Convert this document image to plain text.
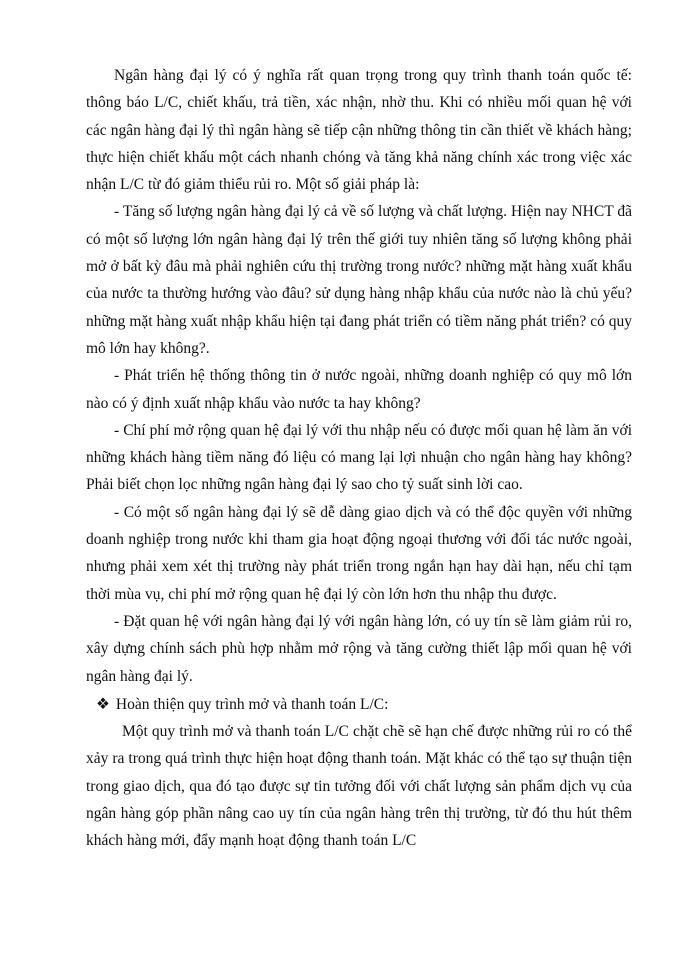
Ngân hàng đại lý có ý nghĩa rất quan trọng trong quy trình thanh toán quốc tế: thông báo L/C, chiết khấu, trả tiền, xác nhận, nhờ thu. Khi có nhiều mối quan hệ với các ngân hàng đại lý thì ngân hàng sẽ tiếp cận những thông tin cần thiết về khách hàng; thực hiện chiết khấu một cách nhanh chóng và tăng khả năng chính xác trong việc xác nhận L/C từ đó giảm thiểu rủi ro. Một số giải pháp là:

- Tăng số lượng ngân hàng đại lý cả về số lượng và chất lượng. Hiện nay NHCT đã có một số lượng lớn ngân hàng đại lý trên thế giới tuy nhiên tăng số lượng không phải mở ở bất kỳ đâu mà phải nghiên cứu thị trường trong nước? những mặt hàng xuất khẩu của nước ta thường hướng vào đâu? sử dụng hàng nhập khẩu của nước nào là chủ yếu? những mặt hàng xuất nhập khẩu hiện tại đang phát triển có tiềm năng phát triển? có quy mô lớn hay không?.

- Phát triển hệ thống thông tin ở nước ngoài, những doanh nghiệp có quy mô lớn nào có ý định xuất nhập khẩu vào nước ta hay không?

- Chí phí mở rộng quan hệ đại lý với thu nhập nếu có được mối quan hệ làm ăn với những khách hàng tiềm năng đó liệu có mang lại lợi nhuận cho ngân hàng hay không? Phải biết chọn lọc những ngân hàng đại lý sao cho tỷ suất sinh lời cao.

- Có một số ngân hàng đại lý sẽ dễ dàng giao dịch và có thể độc quyền với những doanh nghiệp trong nước khi tham gia hoạt động ngoại thương với đối tác nước ngoài, nhưng phải xem xét thị trường này phát triển trong ngắn hạn hay dài hạn, nếu chỉ tạm thời mùa vụ, chi phí mở rộng quan hệ đại lý còn lớn hơn thu nhập thu được.

- Đặt quan hệ với ngân hàng đại lý với ngân hàng lớn, có uy tín sẽ làm giảm rủi ro, xây dựng chính sách phù hợp nhằm mở rộng và tăng cường thiết lập mối quan hệ với ngân hàng đại lý.

❖ Hoàn thiện quy trình mở và thanh toán L/C:

Một quy trình mở và thanh toán L/C chặt chẽ sẽ hạn chế được những rủi ro có thể xảy ra trong quá trình thực hiện hoạt động thanh toán. Mặt khác có thể tạo sự thuận tiện trong giao dịch, qua đó tạo được sự tin tưởng đối với chất lượng sản phẩm dịch vụ của ngân hàng góp phần nâng cao uy tín của ngân hàng trên thị trường, từ đó thu hút thêm khách hàng mới, đẩy mạnh hoạt động thanh toán L/C
